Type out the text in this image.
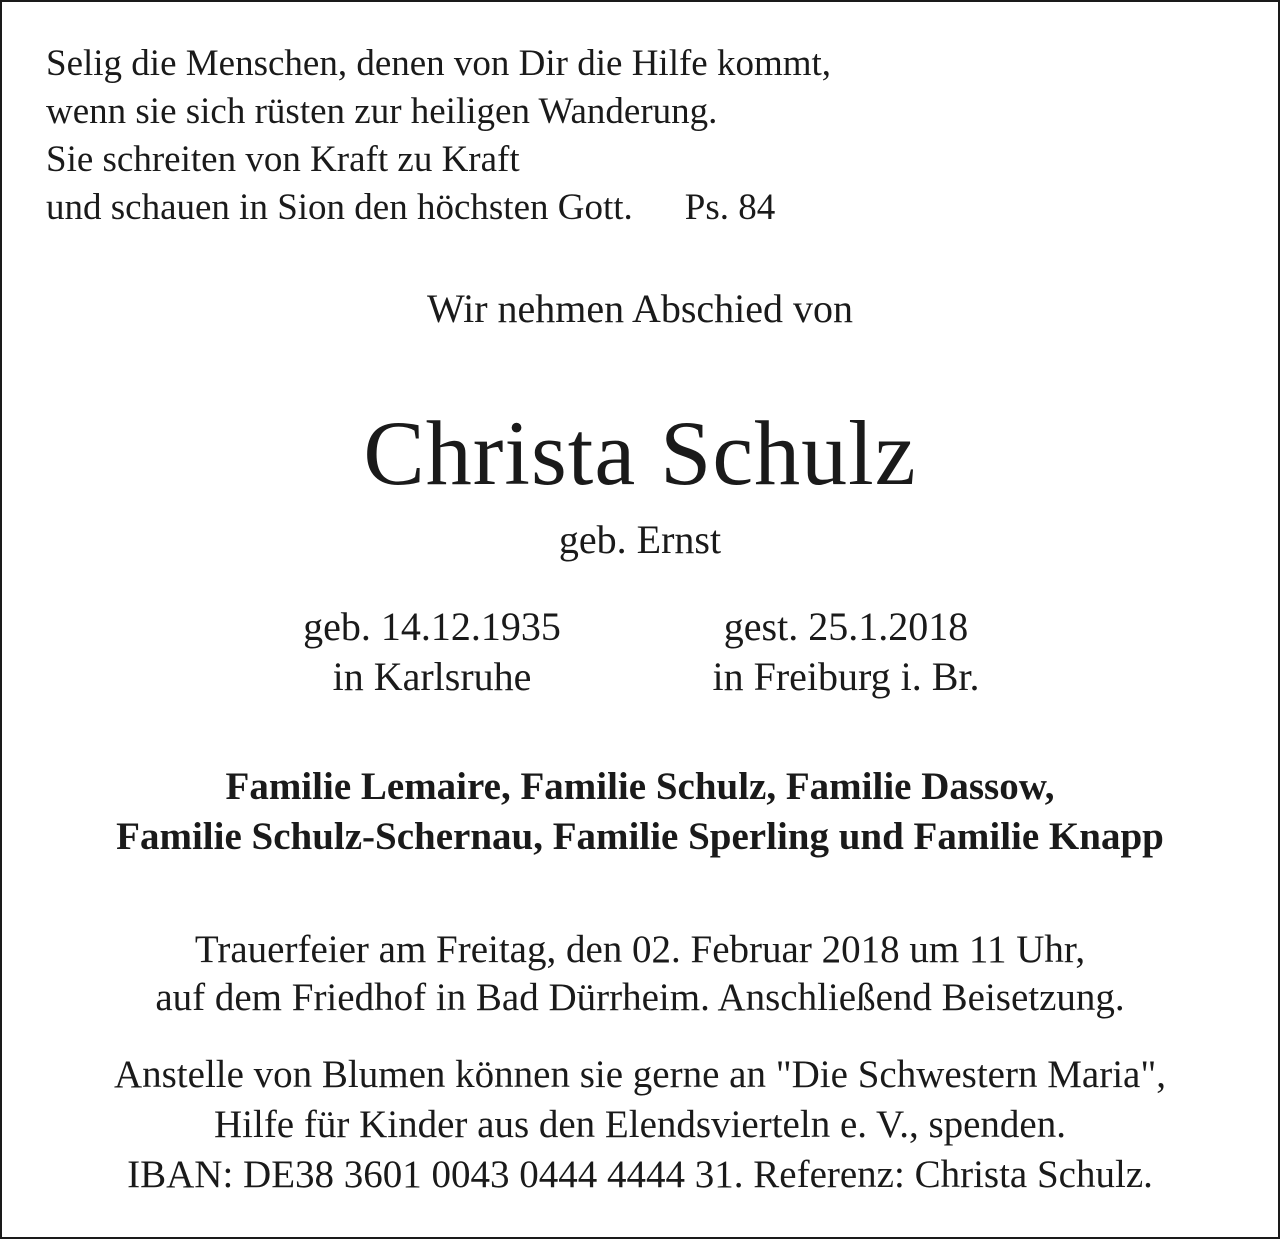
Selig die Menschen, denen von Dir die Hilfe kommt,
wenn sie sich rüsten zur heiligen Wanderung.
Sie schreiten von Kraft zu Kraft
und schauen in Sion den höchsten Gott. Ps. 84
Wir nehmen Abschied von
Christa Schulz
geb. Ernst
geb. 14.12.1935
in Karlsruhe
gest. 25.1.2018
in Freiburg i. Br.
Familie Lemaire, Familie Schulz, Familie Dassow,
Familie Schulz-Schernau, Familie Sperling und Familie Knapp
Trauerfeier am Freitag, den 02. Februar 2018 um 11 Uhr,
auf dem Friedhof in Bad Dürrheim. Anschließend Beisetzung.
Anstelle von Blumen können sie gerne an "Die Schwestern Maria",
Hilfe für Kinder aus den Elendsvierteln e. V., spenden.
IBAN: DE38 3601 0043 0444 4444 31. Referenz: Christa Schulz.
